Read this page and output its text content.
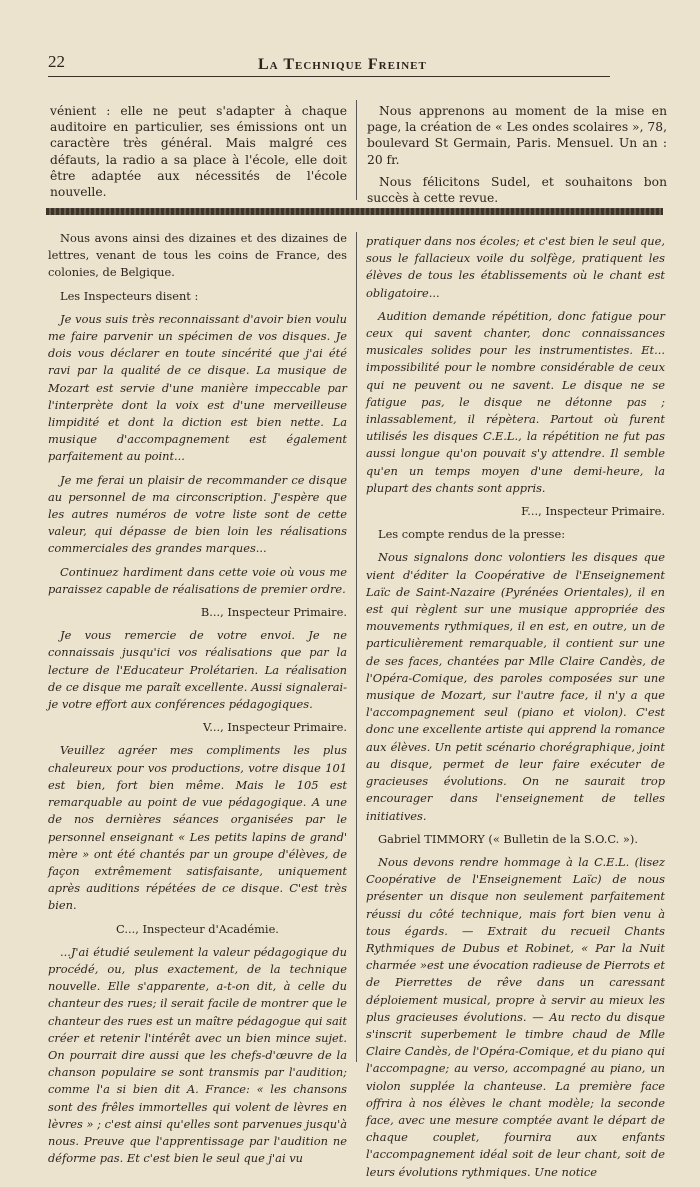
22	La Technique Freinet

vénient : elle ne peut s'adapter à chaque auditoire en particulier, ses émissions ont un caractère très général. Mais malgré ces défauts, la radio a sa place à l'école, elle doit être adaptée aux nécessités de l'école nouvelle.

Nous apprenons au moment de la mise en page, la création de « Les ondes scolaires », 78, boulevard St Germain, Paris. Mensuel. Un an : 20 fr.

Nous félicitons Sudel, et souhaitons bon succès à cette revue.

Nous avons ainsi des dizaines et des dizaines de lettres, venant de tous les coins de France, des colonies, de Belgique.

Les Inspecteurs disent :

Je vous suis très reconnaissant d'avoir bien voulu me faire parvenir un spécimen de vos disques. Je dois vous déclarer en toute sincérité que j'ai été ravi par la qualité de ce disque. La musique de Mozart est servie d'une manière impeccable par l'interprète dont la voix est d'une merveilleuse limpidité et dont la diction est bien nette. La musique d'accompagnement est également parfaitement au point...

Je me ferai un plaisir de recommander ce disque au personnel de ma circonscription. J'espère que les autres numéros de votre liste sont de cette valeur, qui dépasse de bien loin les réalisations commerciales des grandes marques...

Continuez hardiment dans cette voie où vous me paraissez capable de réalisations de premier ordre.

B..., Inspecteur Primaire.

Je vous remercie de votre envoi. Je ne connaissais jusqu'ici vos réalisations que par la lecture de l'Educateur Prolétarien. La réalisation de ce disque me paraît excellente. Aussi signalerai-je votre effort aux conférences pédagogiques.

V..., Inspecteur Primaire.

Veuillez agréer mes compliments les plus chaleureux pour vos productions, votre disque 101 est bien, fort bien même. Mais le 105 est remarquable au point de vue pédagogique. A une de nos dernières séances organisées par le personnel enseignant « Les petits lapins de grand' mère » ont été chantés par un groupe d'élèves, de façon extrêmement satisfaisante, uniquement après auditions répétées de ce disque. C'est très bien.

C..., Inspecteur d'Académie.

...J'ai étudié seulement la valeur pédagogique du procédé, ou, plus exactement, de la technique nouvelle. Elle s'apparente, a-t-on dit, à celle du chanteur des rues; il serait facile de montrer que le chanteur des rues est un maître pédagogue qui sait créer et retenir l'intérêt avec un bien mince sujet. On pourrait dire aussi que les chefs-d'œuvre de la chanson populaire se sont transmis par l'audition; comme l'a si bien dit A. France: « les chansons sont des frêles immortelles qui volent de lèvres en lèvres » ; c'est ainsi qu'elles sont parvenues jusqu'à nous. Preuve que l'apprentissage par l'audition ne déforme pas. Et c'est bien le seul que j'ai vu

pratiquer dans nos écoles; et c'est bien le seul que, sous le fallacieux voile du solfège, pratiquent les élèves de tous les établissements où le chant est obligatoire...

Audition demande répétition, donc fatigue pour ceux qui savent chanter, donc connaissances musicales solides pour les instrumentistes. Et... impossibilité pour le nombre considérable de ceux qui ne peuvent ou ne savent. Le disque ne se fatigue pas, le disque ne détonne pas ; inlassablement, il répètera. Partout où furent utilisés les disques C.E.L., la répétition ne fut pas aussi longue qu'on pouvait s'y attendre. Il semble qu'en un temps moyen d'une demi-heure, la plupart des chants sont appris.

F..., Inspecteur Primaire.

Les compte rendus de la presse:

Nous signalons donc volontiers les disques que vient d'éditer la Coopérative de l'Enseignement Laïc de Saint-Nazaire (Pyrénées Orientales), il en est qui règlent sur une musique appropriée des mouvements rythmiques, il en est, en outre, un de particulièrement remarquable, il contient sur une de ses faces, chantées par Mlle Claire Candès, de l'Opéra-Comique, des paroles composées sur une musique de Mozart, sur l'autre face, il n'y a que l'accompagnement seul (piano et violon). C'est donc une excellente artiste qui apprend la romance aux élèves. Un petit scénario chorégraphique, joint au disque, permet de leur faire exécuter de gracieuses évolutions. On ne saurait trop encourager dans l'enseignement de telles initiatives.

Gabriel TIMMORY (« Bulletin de la S.O.C. »).

Nous devons rendre hommage à la C.E.L. (lisez Coopérative de l'Enseignement Laïc) de nous présenter un disque non seulement parfaitement réussi du côté technique, mais fort bien venu à tous égards. — Extrait du recueil Chants Rythmiques de Dubus et Robinet, « Par la Nuit charmée »est une évocation radieuse de Pierrots et de Pierrettes de rêve dans un caressant déploiement musical, propre à servir au mieux les plus gracieuses évolutions. — Au recto du disque s'inscrit superbement le timbre chaud de Mlle Claire Candès, de l'Opéra-Comique, et du piano qui l'accompagne; au verso, accompagné au piano, un violon supplée la chanteuse. La première face offrira à nos élèves le chant modèle; la seconde face, avec une mesure comptée avant le départ de chaque couplet, fournira aux enfants l'accompagnement idéal soit de leur chant, soit de leurs évolutions rythmiques. Une notice
